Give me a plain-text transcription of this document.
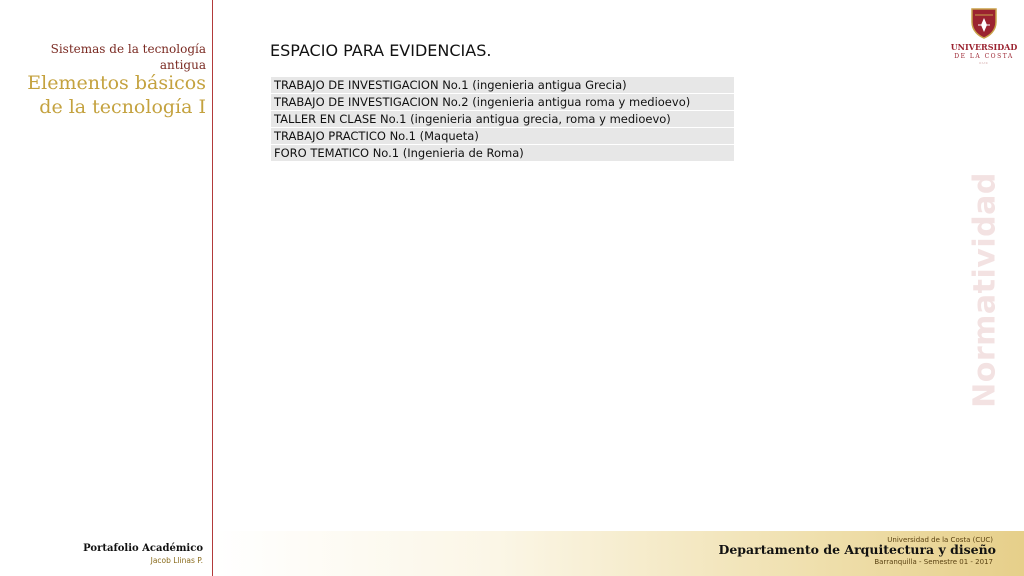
Sistemas de la tecnología antigua
Elementos básicos de la tecnología I
ESPACIO PARA EVIDENCIAS.
TRABAJO DE INVESTIGACION No.1 (ingenieria antigua Grecia)
TRABAJO DE INVESTIGACION No.2 (ingenieria antigua roma y medioevo)
TALLER EN CLASE No.1 (ingenieria antigua grecia, roma y medioevo)
TRABAJO PRACTICO No.1 (Maqueta)
FORO TEMATICO No.1 (Ingenieria de Roma)
Normatividad
UNIVERSIDAD
DE LA COSTA
CUC
Portafolio Académico
Jacob Llinas P.
Universidad de la Costa (CUC)
Departamento de Arquitectura y diseño
Barranquilla - Semestre 01 - 2017
